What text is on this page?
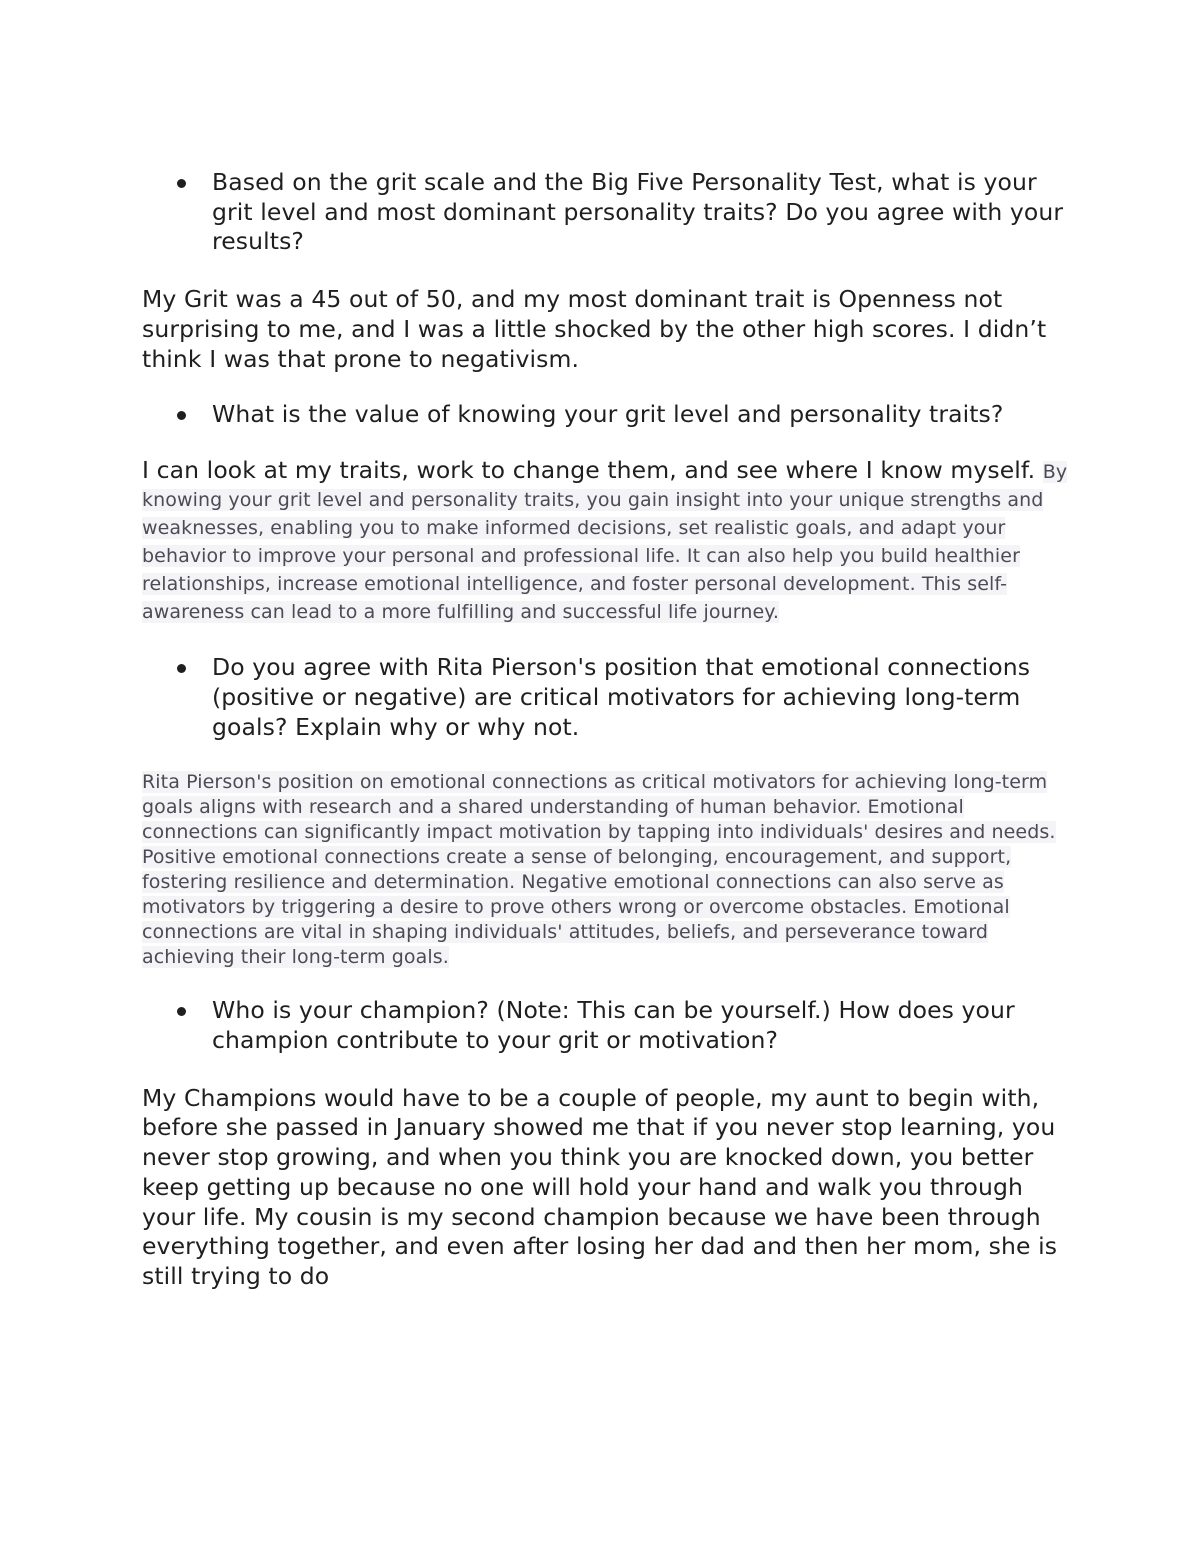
Based on the grit scale and the Big Five Personality Test, what is your grit level and most dominant personality traits? Do you agree with your results?

My Grit was a 45 out of 50, and my most dominant trait is Openness not surprising to me, and I was a little shocked by the other high scores. I didn’t think I was that prone to negativism.

What is the value of knowing your grit level and personality traits?

I can look at my traits, work to change them, and see where I know myself. By knowing your grit level and personality traits, you gain insight into your unique strengths and weaknesses, enabling you to make informed decisions, set realistic goals, and adapt your behavior to improve your personal and professional life. It can also help you build healthier relationships, increase emotional intelligence, and foster personal development. This self-awareness can lead to a more fulfilling and successful life journey.

Do you agree with Rita Pierson's position that emotional connections (positive or negative) are critical motivators for achieving long-term goals? Explain why or why not.

Rita Pierson's position on emotional connections as critical motivators for achieving long-term goals aligns with research and a shared understanding of human behavior. Emotional connections can significantly impact motivation by tapping into individuals' desires and needs. Positive emotional connections create a sense of belonging, encouragement, and support, fostering resilience and determination. Negative emotional connections can also serve as motivators by triggering a desire to prove others wrong or overcome obstacles. Emotional connections are vital in shaping individuals' attitudes, beliefs, and perseverance toward achieving their long-term goals.

Who is your champion? (Note: This can be yourself.) How does your champion contribute to your grit or motivation?

My Champions would have to be a couple of people, my aunt to begin with, before she passed in January showed me that if you never stop learning, you never stop growing, and when you think you are knocked down, you better keep getting up because no one will hold your hand and walk you through your life. My cousin is my second champion because we have been through everything together, and even after losing her dad and then her mom, she is still trying to do
